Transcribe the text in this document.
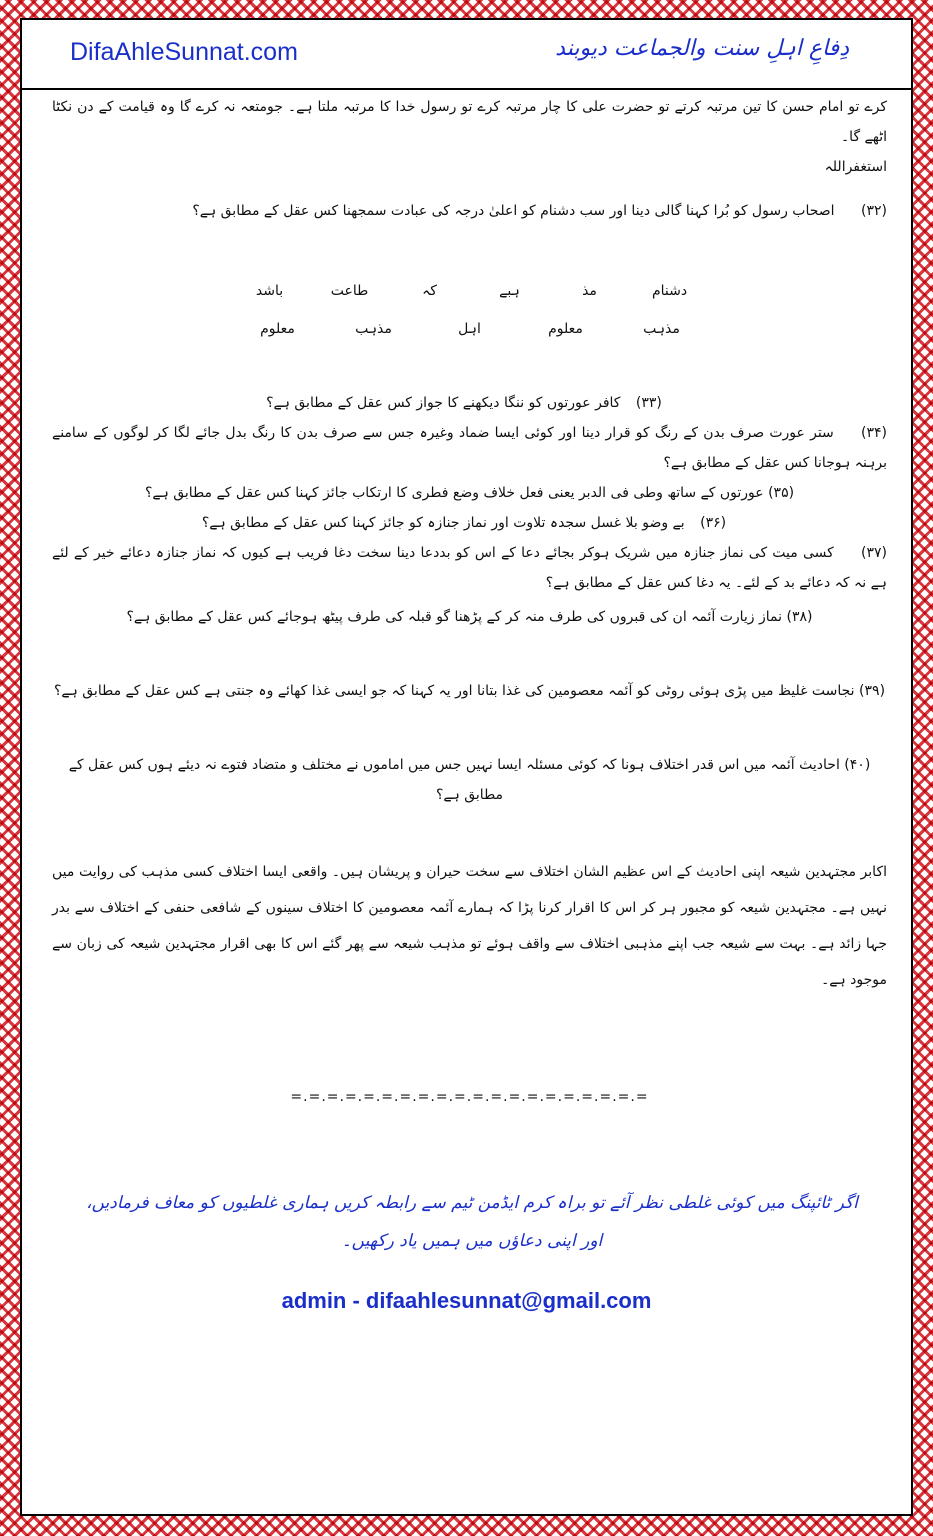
DifaAhleSunnat.com	دِفاعِ اہلِ سنت والجماعت دیوبند

کرے تو امام حسن کا تین مرتبہ کرتے تو حضرت علی کا چار مرتبہ کرے تو رسول خدا کا مرتبہ ملتا ہے۔ جومتعہ نہ کرے گا وہ قیامت کے دن نکٹا اٹھے گا۔

استغفراللہ

(۳۲) اصحاب رسول کو بُرا کہنا گالی دینا اور سب دشنام کو اعلیٰ درجہ کی عبادت سمجھنا کس عقل کے مطابق ہے؟

دشنام
مذ
ہبے
کہ
طاعت
باشد
مذہب
معلوم
اہل
مذہب
معلوم

(۳۳) کافر عورتوں کو ننگا دیکھنے کا جواز کس عقل کے مطابق ہے؟

(۳۴) ستر عورت صرف بدن کے رنگ کو قرار دینا اور کوئی ایسا ضماد وغیرہ جس سے صرف بدن کا رنگ بدل جائے لگا کر لوگوں کے سامنے برہنہ ہوجانا کس عقل کے مطابق ہے؟

(۳۵) عورتوں کے ساتھ وطی فی الدبر یعنی فعل خلاف وضع فطری کا ارتکاب جائز کہنا کس عقل کے مطابق ہے؟

(۳۶) بے وضو بلا غسل سجدہ تلاوت اور نماز جنازہ کو جائز کہنا کس عقل کے مطابق ہے؟

(۳۷) کسی میت کی نماز جنازہ میں شریک ہوکر بجائے دعا کے اس کو بددعا دینا سخت دغا فریب ہے کیوں کہ نماز جنازہ دعائے خیر کے لئے ہے نہ کہ دعائے بد کے لئے۔ یہ دغا کس عقل کے مطابق ہے؟

(۳۸) نماز زیارت آئمہ ان کی قبروں کی طرف منہ کر کے پڑھنا گو قبلہ کی طرف پیٹھ ہوجائے کس عقل کے مطابق ہے؟

(۳۹) نجاست غلیظ میں پڑی ہوئی روٹی کو آئمہ معصومین کی غذا بتانا اور یہ کہنا کہ جو ایسی غذا کھائے وہ جنتی ہے کس عقل کے مطابق ہے؟

(۴۰) احادیث آئمہ میں اس قدر اختلاف ہونا کہ کوئی مسئلہ ایسا نہیں جس میں اماموں نے مختلف و متضاد فتوے نہ دیئے ہوں کس عقل کے مطابق ہے؟

اکابر مجتہدین شیعہ اپنی احادیث کے اس عظیم الشان اختلاف سے سخت حیران و پریشان ہیں۔ واقعی ایسا اختلاف کسی مذہب کی روایت میں نہیں ہے۔ مجتہدین شیعہ کو مجبور ہر کر اس کا اقرار کرنا پڑا کہ ہمارے آئمہ معصومین کا اختلاف سینوں کے شافعی حنفی کے اختلاف سے بدر جہا زائد ہے۔ بہت سے شیعہ جب اپنے مذہبی اختلاف سے واقف ہوئے تو مذہب شیعہ سے پھر گئے اس کا بھی اقرار مجتہدین شیعہ کی زبان سے موجود ہے۔

=.=.=.=.=.=.=.=.=.=.=.=.=.=.=.=.=.=.=.=
اگر ٹائپنگ میں کوئی غلطی نظر آئے تو براہ کرم ایڈمن ٹیم سے رابطہ کریں ہماری غلطیوں کو معاف فرمادیں، اور اپنی دعاؤں میں ہمیں یاد رکھیں۔
admin - difaahlesunnat@gmail.com
